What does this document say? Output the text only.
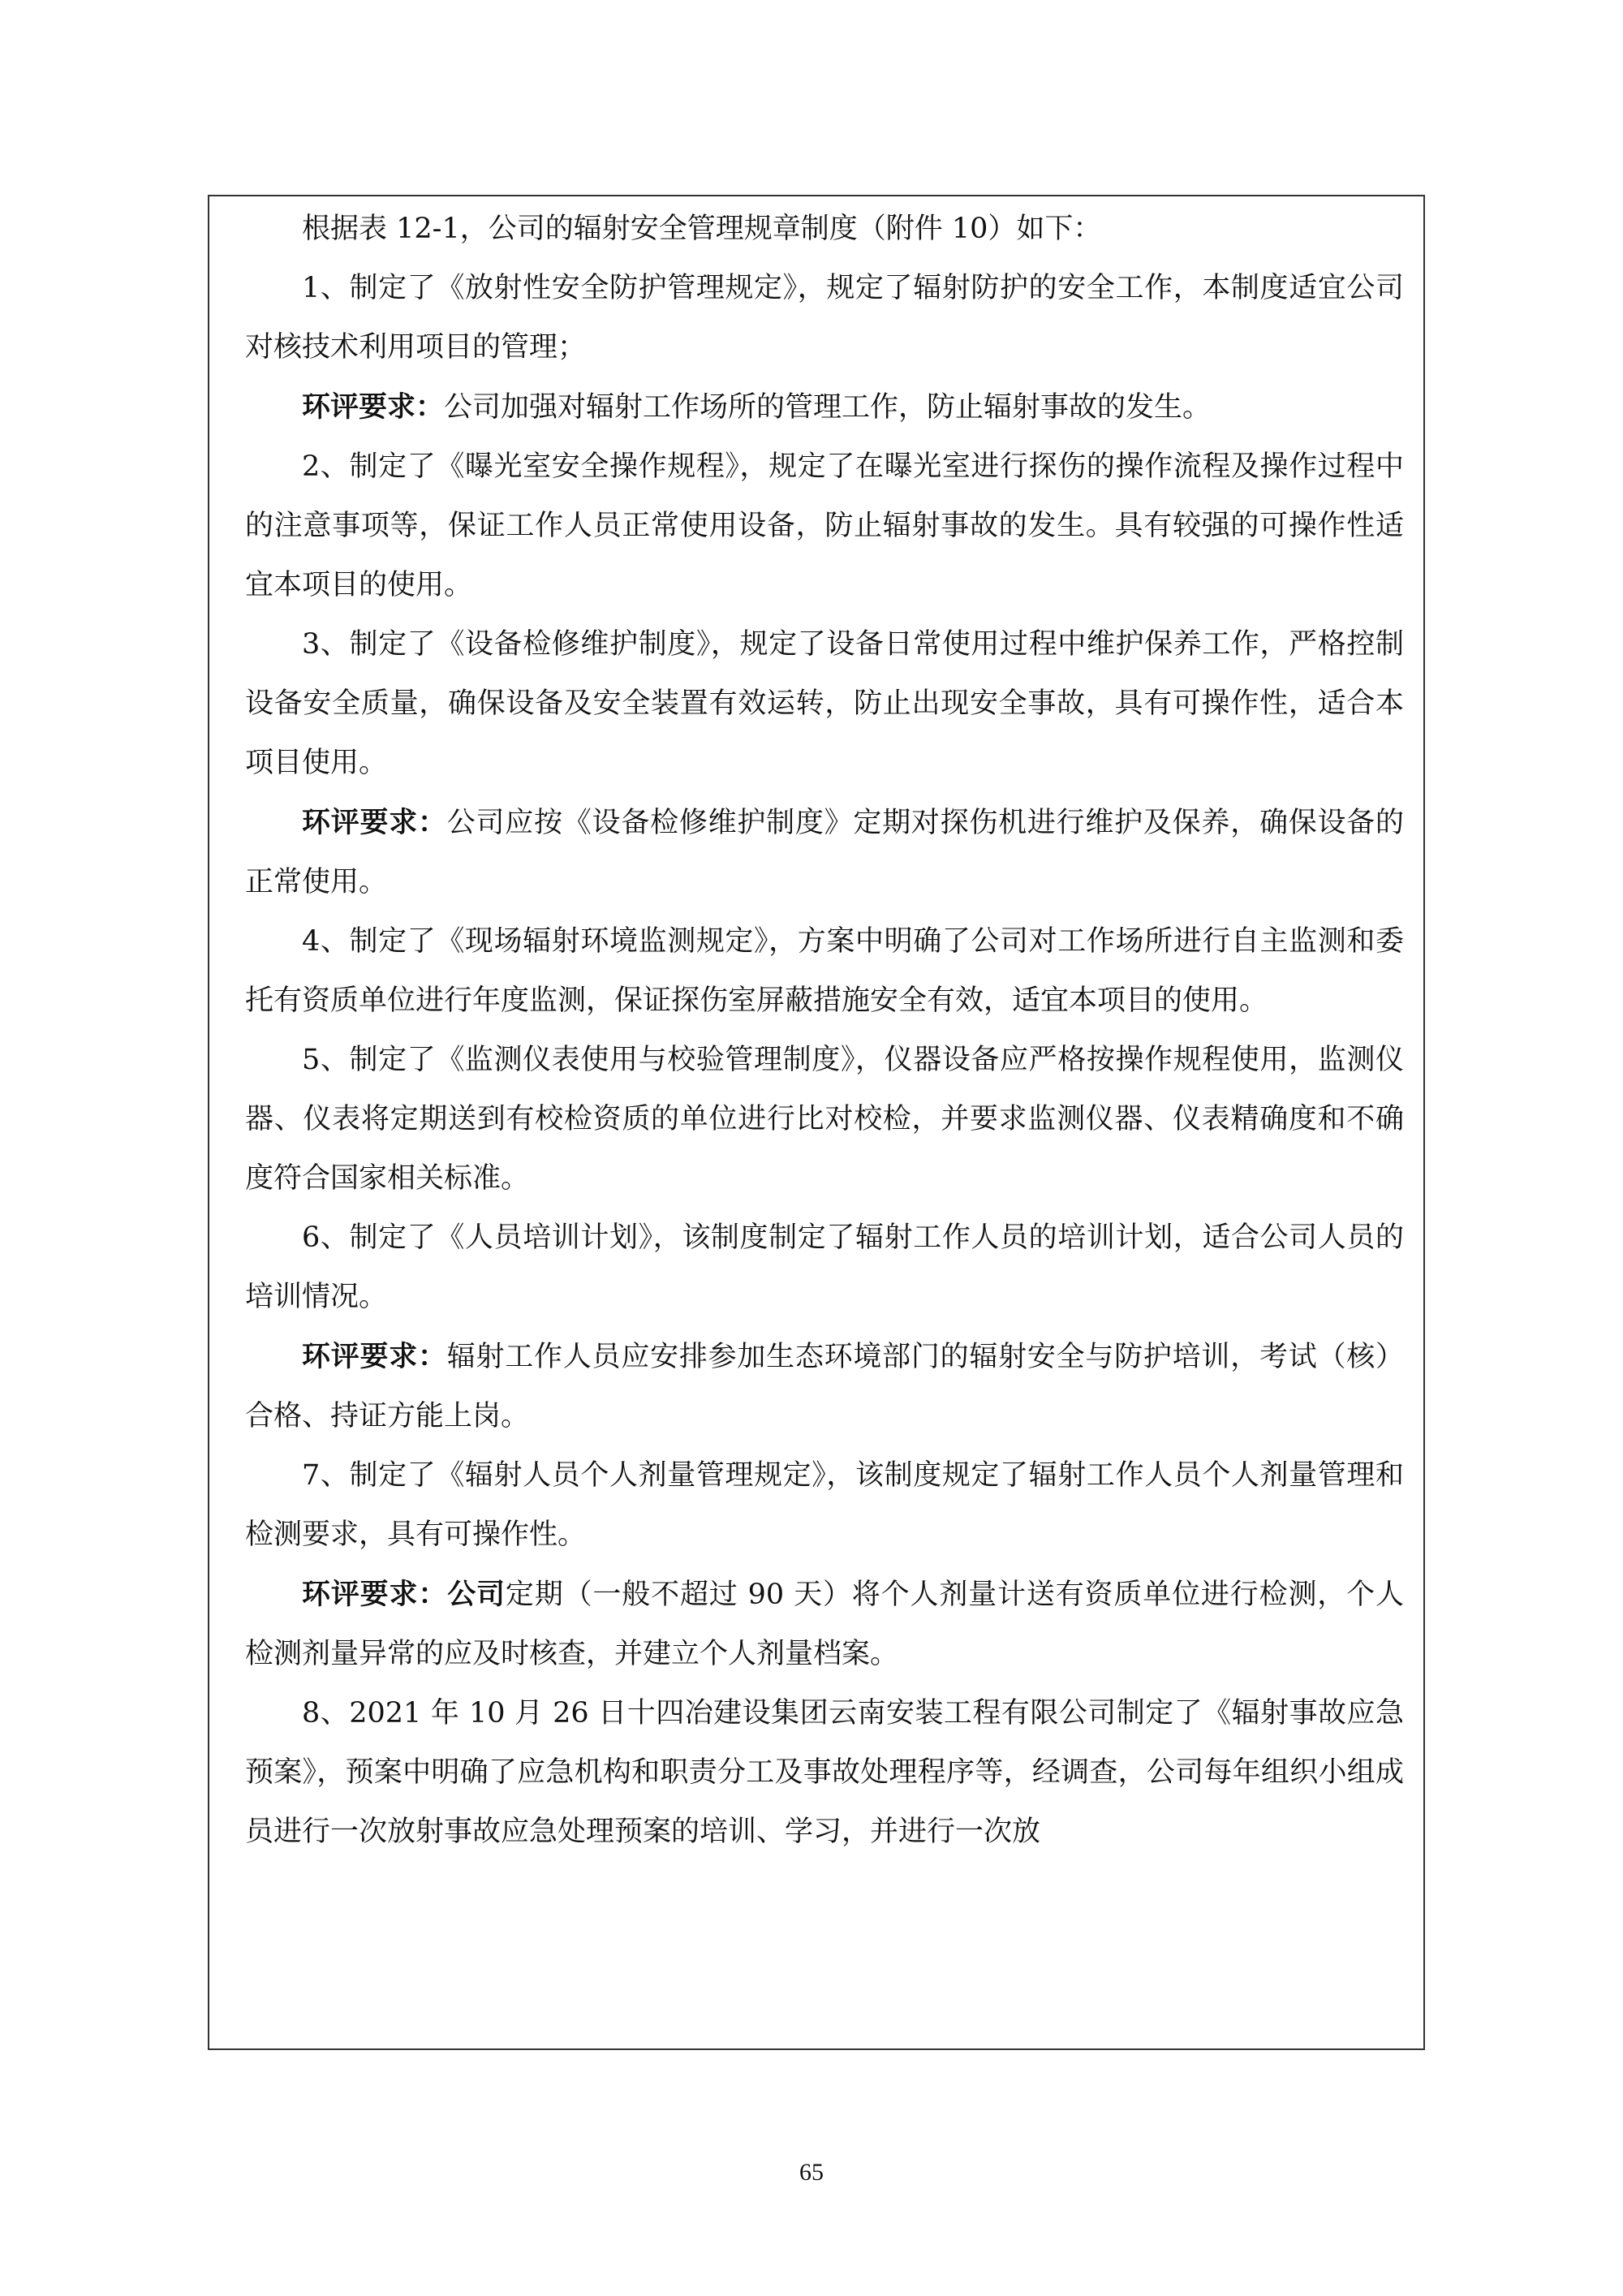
根据表 12-1，公司的辐射安全管理规章制度（附件 10）如下：

1、制定了《放射性安全防护管理规定》，规定了辐射防护的安全工作，本制度适宜公司对核技术利用项目的管理；

环评要求：公司加强对辐射工作场所的管理工作，防止辐射事故的发生。

2、制定了《曝光室安全操作规程》，规定了在曝光室进行探伤的操作流程及操作过程中的注意事项等，保证工作人员正常使用设备，防止辐射事故的发生。具有较强的可操作性适宜本项目的使用。

3、制定了《设备检修维护制度》，规定了设备日常使用过程中维护保养工作，严格控制设备安全质量，确保设备及安全装置有效运转，防止出现安全事故，具有可操作性，适合本项目使用。

环评要求：公司应按《设备检修维护制度》定期对探伤机进行维护及保养，确保设备的正常使用。

4、制定了《现场辐射环境监测规定》，方案中明确了公司对工作场所进行自主监测和委托有资质单位进行年度监测，保证探伤室屏蔽措施安全有效，适宜本项目的使用。

5、制定了《监测仪表使用与校验管理制度》，仪器设备应严格按操作规程使用，监测仪器、仪表将定期送到有校检资质的单位进行比对校检，并要求监测仪器、仪表精确度和不确度符合国家相关标准。

6、制定了《人员培训计划》，该制度制定了辐射工作人员的培训计划，适合公司人员的培训情况。

环评要求：辐射工作人员应安排参加生态环境部门的辐射安全与防护培训，考试（核）合格、持证方能上岗。

7、制定了《辐射人员个人剂量管理规定》，该制度规定了辐射工作人员个人剂量管理和检测要求，具有可操作性。

环评要求：公司定期（一般不超过 90 天）将个人剂量计送有资质单位进行检测，个人检测剂量异常的应及时核查，并建立个人剂量档案。

8、2021 年 10 月 26 日十四冶建设集团云南安装工程有限公司制定了《辐射事故应急预案》，预案中明确了应急机构和职责分工及事故处理程序等，经调查，公司每年组织小组成员进行一次放射事故应急处理预案的培训、学习，并进行一次放

65
